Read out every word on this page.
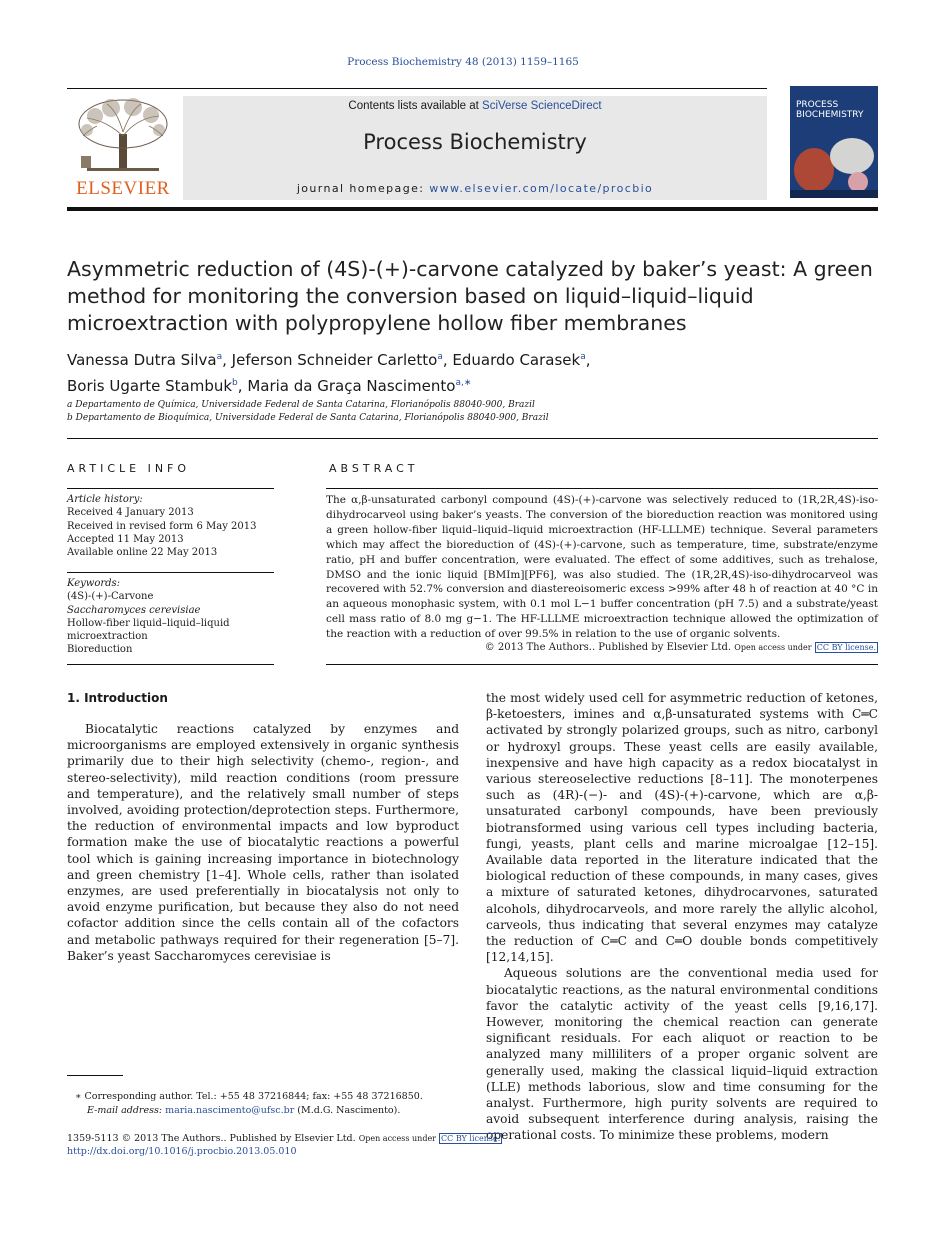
Process Biochemistry 48 (2013) 1159–1165
ELSEVIER
Contents lists available at SciVerse ScienceDirect
Process Biochemistry
journal homepage: www.elsevier.com/locate/procbio
PROCESS
BIOCHEMISTRY
Asymmetric reduction of (4S)-(+)-carvone catalyzed by baker’s yeast: A green method for monitoring the conversion based on liquid–liquid–liquid microextraction with polypropylene hollow fiber membranes
Vanessa Dutra Silva$^a$, Jeferson Schneider Carletto$^a$, Eduardo Carasek$^a$,
Boris Ugarte Stambuk$^b$, Maria da Graça Nascimento$^{a,∗}$
a Departamento de Química, Universidade Federal de Santa Catarina, Florianópolis 88040-900, Brazil
b Departamento de Bioquímica, Universidade Federal de Santa Catarina, Florianópolis 88040-900, Brazil
ARTICLE INFO
Article history:
Received 4 January 2013
Received in revised form 6 May 2013
Accepted 11 May 2013
Available online 22 May 2013
Keywords:
(4S)-(+)-Carvone
Saccharomyces cerevisiae
Hollow-fiber liquid–liquid–liquid
microextraction
Bioreduction
ABSTRACT
The α,β-unsaturated carbonyl compound (4S)-(+)-carvone was selectively reduced to (1R,2R,4S)-iso-dihydrocarveol using baker’s yeasts. The conversion of the bioreduction reaction was monitored using a green hollow-fiber liquid–liquid–liquid microextraction (HF-LLLME) technique. Several parameters which may affect the bioreduction of (4S)-(+)-carvone, such as temperature, time, substrate/enzyme ratio, pH and buffer concentration, were evaluated. The effect of some additives, such as trehalose, DMSO and the ionic liquid [BMIm][PF6], was also studied. The (1R,2R,4S)-iso-dihydrocarveol was recovered with 52.7% conversion and diastereoisomeric excess >99% after 48 h of reaction at 40 °C in an aqueous monophasic system, with 0.1 mol L−1 buffer concentration (pH 7.5) and a substrate/yeast cell mass ratio of 8.0 mg g−1. The HF-LLLME microextraction technique allowed the optimization of the reaction with a reduction of over 99.5% in relation to the use of organic solvents.
© 2013 The Authors.. Published by Elsevier Ltd. Open access under CC BY license.
1. Introduction

Biocatalytic reactions catalyzed by enzymes and microorganisms are employed extensively in organic synthesis primarily due to their high selectivity (chemo-, region-, and stereo-selectivity), mild reaction conditions (room pressure and temperature), and the relatively small number of steps involved, avoiding protection/deprotection steps. Furthermore, the reduction of environmental impacts and low byproduct formation make the use of biocatalytic reactions a powerful tool which is gaining increasing importance in biotechnology and green chemistry [1–4]. Whole cells, rather than isolated enzymes, are used preferentially in biocatalysis not only to avoid enzyme purification, but because they also do not need cofactor addition since the cells contain all of the cofactors and metabolic pathways required for their regeneration [5–7]. Baker’s yeast Saccharomyces cerevisiae is

the most widely used cell for asymmetric reduction of ketones, β-ketoesters, imines and α,β-unsaturated systems with C═C activated by strongly polarized groups, such as nitro, carbonyl or hydroxyl groups. These yeast cells are easily available, inexpensive and have high capacity as a redox biocatalyst in various stereoselective reductions [8–11]. The monoterpenes such as (4R)-(−)- and (4S)-(+)-carvone, which are α,β-unsaturated carbonyl compounds, have been previously biotransformed using various cell types including bacteria, fungi, yeasts, plant cells and marine microalgae [12–15]. Available data reported in the literature indicated that the biological reduction of these compounds, in many cases, gives a mixture of saturated ketones, dihydrocarvones, saturated alcohols, dihydrocarveols, and more rarely the allylic alcohol, carveols, thus indicating that several enzymes may catalyze the reduction of C═C and C═O double bonds competitively [12,14,15].

Aqueous solutions are the conventional media used for biocatalytic reactions, as the natural environmental conditions favor the catalytic activity of the yeast cells [9,16,17]. However, monitoring the chemical reaction can generate significant residuals. For each aliquot or reaction to be analyzed many milliliters of a proper organic solvent are generally used, making the classical liquid–liquid extraction (LLE) methods laborious, slow and time consuming for the analyst. Furthermore, high purity solvents are required to avoid subsequent interference during analysis, raising the operational costs. To minimize these problems, modern

∗ Corresponding author. Tel.: +55 48 37216844; fax: +55 48 37216850.
E-mail address: maria.nascimento@ufsc.br (M.d.G. Nascimento).
1359-5113 © 2013 The Authors.. Published by Elsevier Ltd. Open access under CC BY license.
http://dx.doi.org/10.1016/j.procbio.2013.05.010
